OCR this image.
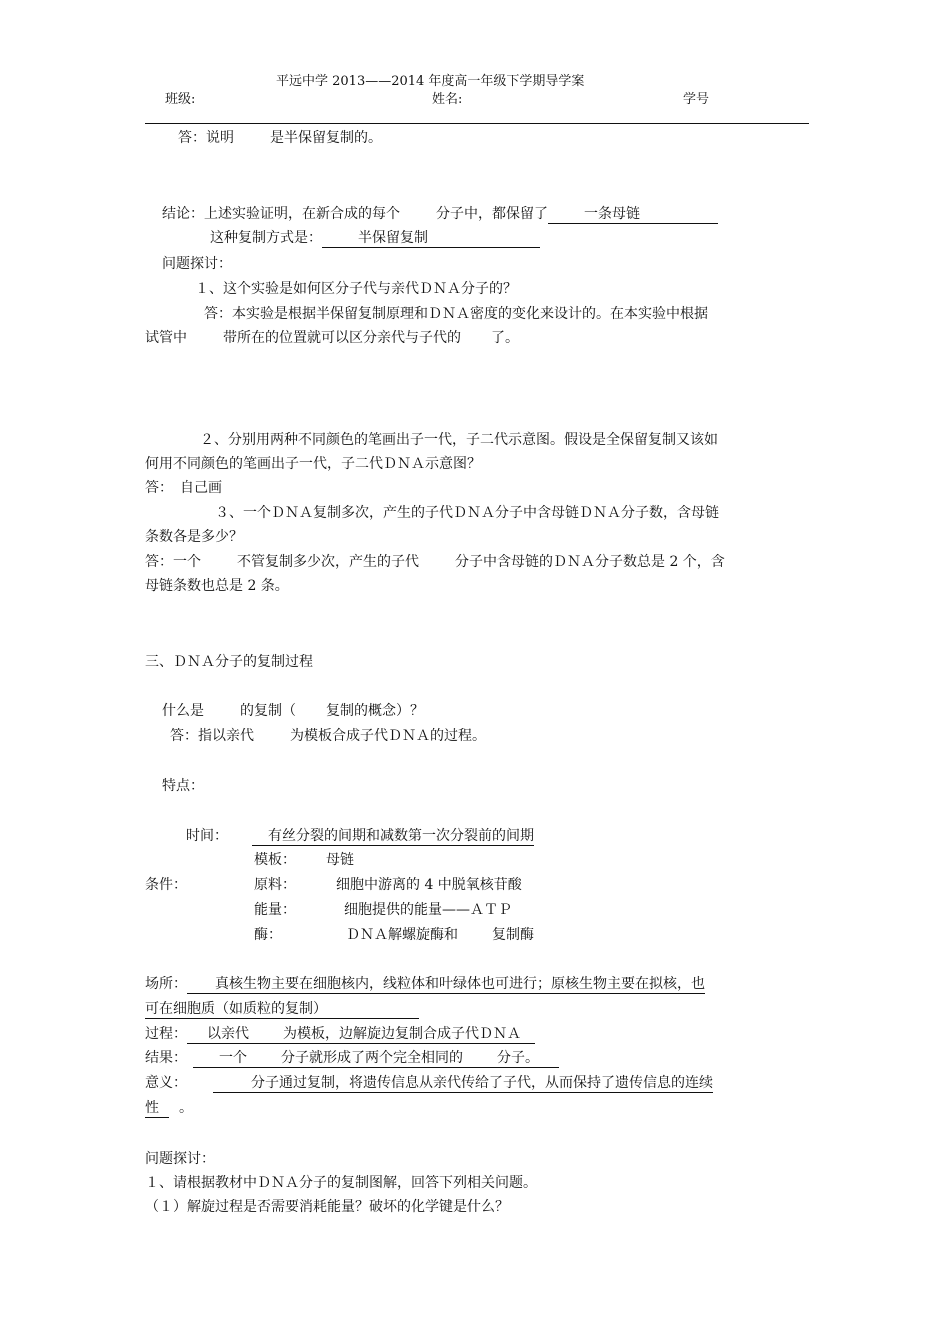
平远中学 2013——2014 年度高一年级下学期导学案
班级:	姓名:	学号
答：说明	是半保留复制的。
结论：上述实验证明，在新合成的每个	分子中，都保留了	一条母链
这种复制方式是：	半保留复制
问题探讨：
１、这个实验是如何区分子代与亲代ＤＮＡ分子的？
答：本实验是根据半保留复制原理和ＤＮＡ密度的变化来设计的。在本实验中根据
试管中	带所在的位置就可以区分亲代与子代的 了。
２、分别用两种不同颜色的笔画出子一代，子二代示意图。假设是全保留复制又该如
何用不同颜色的笔画出子一代，子二代ＤＮＡ示意图？
答：　自己画
３、一个ＤＮＡ复制多次，产生的子代ＤＮＡ分子中含母链ＤＮＡ分子数，含母链
条数各是多少？
答：一个	不管复制多少次，产生的子代	分子中含母链的ＤＮＡ分子数总是 2 个，含
母链条数也总是 2 条。
三、ＤＮＡ分子的复制过程
什么是	的复制（ 复制的概念）？
答：指以亲代	为模板合成子代ＤＮＡ的过程。
特点：
时间：	有丝分裂的间期和减数第一次分裂前的间期
模板： 母链
条件：	原料：	细胞中游离的 4 中脱氧核苷酸
能量：	细胞提供的能量——ＡＴＰ
酶：	ＤＮＡ解螺旋酶和 复制酶
场所： 真核生物主要在细胞核内，线粒体和叶绿体也可进行；原核生物主要在拟核，也
可在细胞质（如质粒的复制）
过程： 以亲代 为模板，边解旋边复制合成子代ＤＮＡ
结果： 一个 分子就形成了两个完全相同的 分子。
意义：	分子通过复制，将遗传信息从亲代传给了子代，从而保持了遗传信息的连续
性 。
问题探讨：
１、请根据教材中ＤＮＡ分子的复制图解，回答下列相关问题。
（１）解旋过程是否需要消耗能量？破坏的化学键是什么？
